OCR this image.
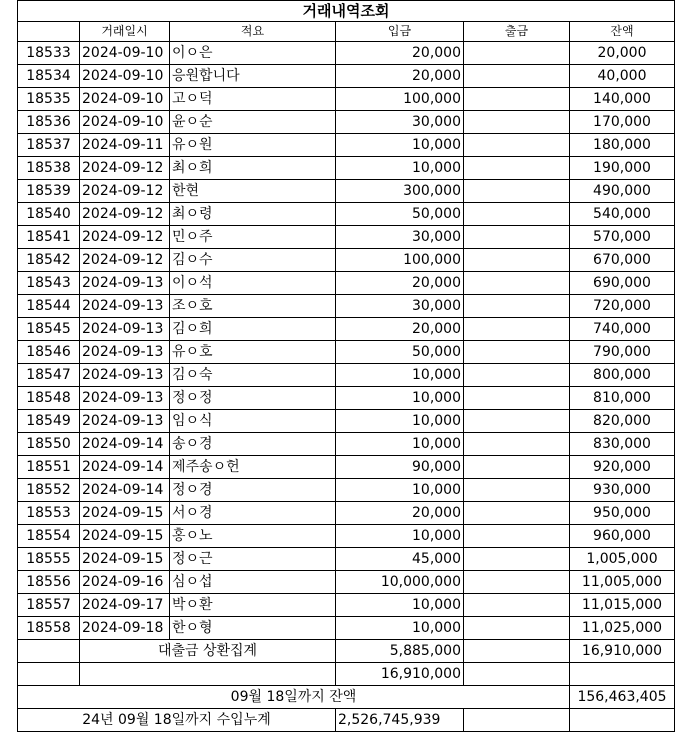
거래내역조회					
	거래일시	적요	입금	출금	잔액
18533	2024-09-10	이ㅇ은	20,000		20,000
18534	2024-09-10	응원합니다	20,000		40,000
18535	2024-09-10	고ㅇ덕	100,000		140,000
18536	2024-09-10	윤ㅇ순	30,000		170,000
18537	2024-09-11	유ㅇ원	10,000		180,000
18538	2024-09-12	최ㅇ희	10,000		190,000
18539	2024-09-12	한현	300,000		490,000
18540	2024-09-12	최ㅇ령	50,000		540,000
18541	2024-09-12	민ㅇ주	30,000		570,000
18542	2024-09-12	김ㅇ수	100,000		670,000
18543	2024-09-13	이ㅇ석	20,000		690,000
18544	2024-09-13	조ㅇ호	30,000		720,000
18545	2024-09-13	김ㅇ희	20,000		740,000
18546	2024-09-13	유ㅇ호	50,000		790,000
18547	2024-09-13	김ㅇ숙	10,000		800,000
18548	2024-09-13	정ㅇ정	10,000		810,000
18549	2024-09-13	임ㅇ식	10,000		820,000
18550	2024-09-14	송ㅇ경	10,000		830,000
18551	2024-09-14	제주송ㅇ헌	90,000		920,000
18552	2024-09-14	정ㅇ경	10,000		930,000
18553	2024-09-15	서ㅇ경	20,000		950,000
18554	2024-09-15	홍ㅇ노	10,000		960,000
18555	2024-09-15	정ㅇ근	45,000		1,005,000
18556	2024-09-16	심ㅇ섭	10,000,000		11,005,000
18557	2024-09-17	박ㅇ환	10,000		11,015,000
18558	2024-09-18	한ㅇ형	10,000		11,025,000
	대출금 상환집계		5,885,000		16,910,000
			16,910,000		
09월 18일까지 잔액					156,463,405
24년 09월 18일까지 수입누계			2,526,745,939		
